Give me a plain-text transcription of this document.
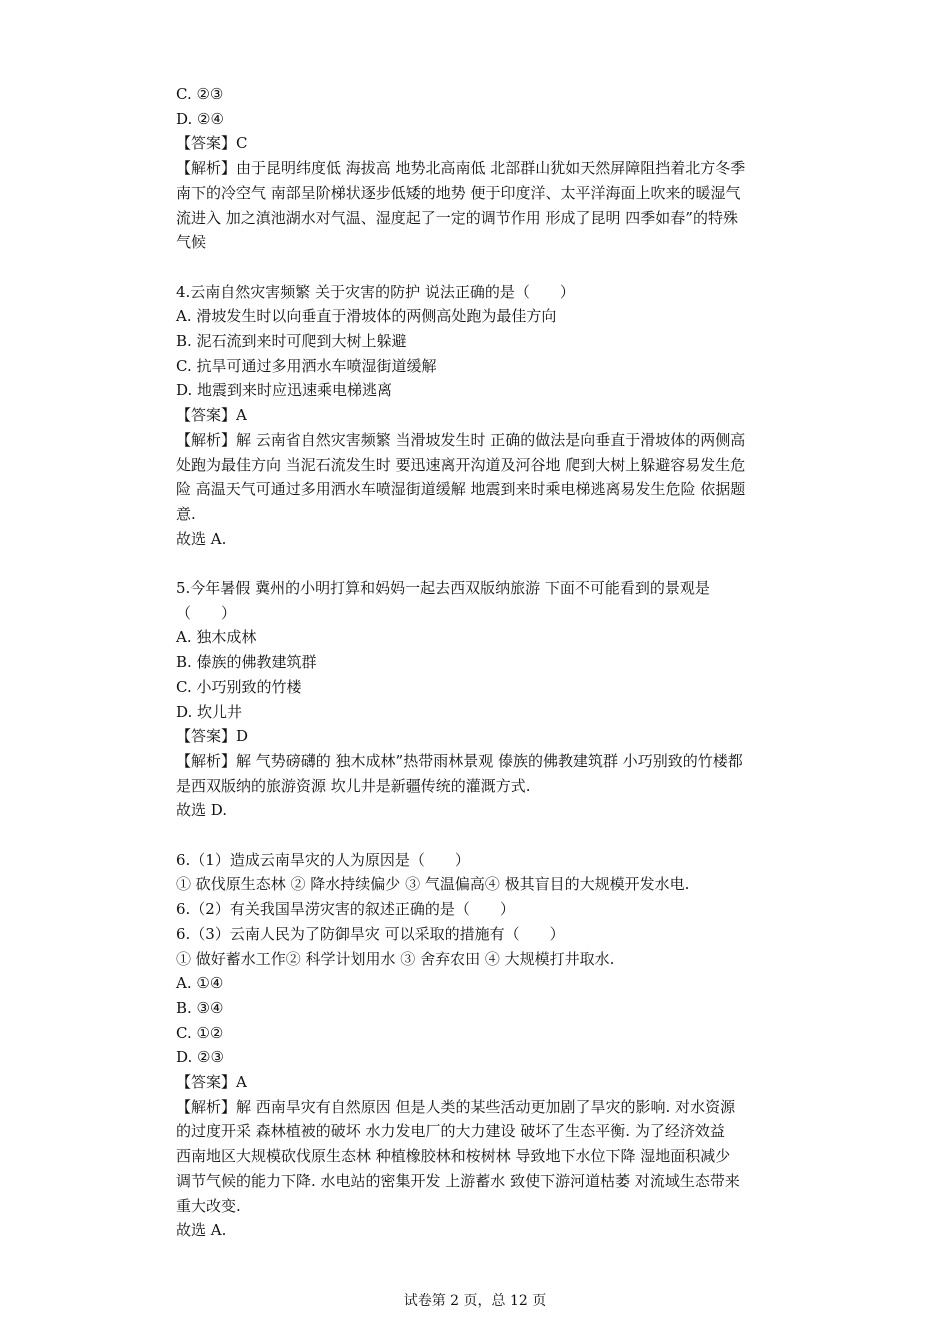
C. ②③
D. ②④
【答案】C
【解析】由于昆明纬度低 海拔高 地势北高南低 北部群山犹如天然屏障阻挡着北方冬季
南下的冷空气 南部呈阶梯状逐步低矮的地势 便于印度洋、太平洋海面上吹来的暖湿气
流进入 加之滇池湖水对气温、湿度起了一定的调节作用 形成了昆明 四季如春”的特殊
气候
4.云南自然灾害频繁 关于灾害的防护 说法正确的是（　　）
A. 滑坡发生时以向垂直于滑坡体的两侧高处跑为最佳方向
B. 泥石流到来时可爬到大树上躲避
C. 抗旱可通过多用洒水车喷湿街道缓解
D. 地震到来时应迅速乘电梯逃离
【答案】A
【解析】解 云南省自然灾害频繁 当滑坡发生时 正确的做法是向垂直于滑坡体的两侧高
处跑为最佳方向 当泥石流发生时 要迅速离开沟道及河谷地 爬到大树上躲避容易发生危
险 高温天气可通过多用洒水车喷湿街道缓解 地震到来时乘电梯逃离易发生危险 依据题
意.
故选 A.
5.今年暑假 冀州的小明打算和妈妈一起去西双版纳旅游 下面不可能看到的景观是
（　　）
A. 独木成林
B. 傣族的佛教建筑群
C. 小巧别致的竹楼
D. 坎儿井
【答案】D
【解析】解 气势磅礴的 独木成林”热带雨林景观 傣族的佛教建筑群 小巧别致的竹楼都
是西双版纳的旅游资源 坎儿井是新疆传统的灌溉方式.
故选 D.
6.（1）造成云南旱灾的人为原因是（　　）
① 砍伐原生态林 ② 降水持续偏少 ③ 气温偏高④ 极其盲目的大规模开发水电.
6.（2）有关我国旱涝灾害的叙述正确的是（　　）
6.（3）云南人民为了防御旱灾 可以采取的措施有（　　）
① 做好蓄水工作② 科学计划用水 ③ 舍弃农田 ④ 大规模打井取水.
A. ①④
B. ③④
C. ①②
D. ②③
【答案】A
【解析】解 西南旱灾有自然原因 但是人类的某些活动更加剧了旱灾的影响. 对水资源
的过度开采 森林植被的破坏 水力发电厂的大力建设 破坏了生态平衡. 为了经济效益
西南地区大规模砍伐原生态林 种植橡胶林和桉树林 导致地下水位下降 湿地面积减少
调节气候的能力下降. 水电站的密集开发 上游蓄水 致使下游河道枯萎 对流域生态带来
重大改变.
故选 A.
试卷第 2 页，总 12 页
